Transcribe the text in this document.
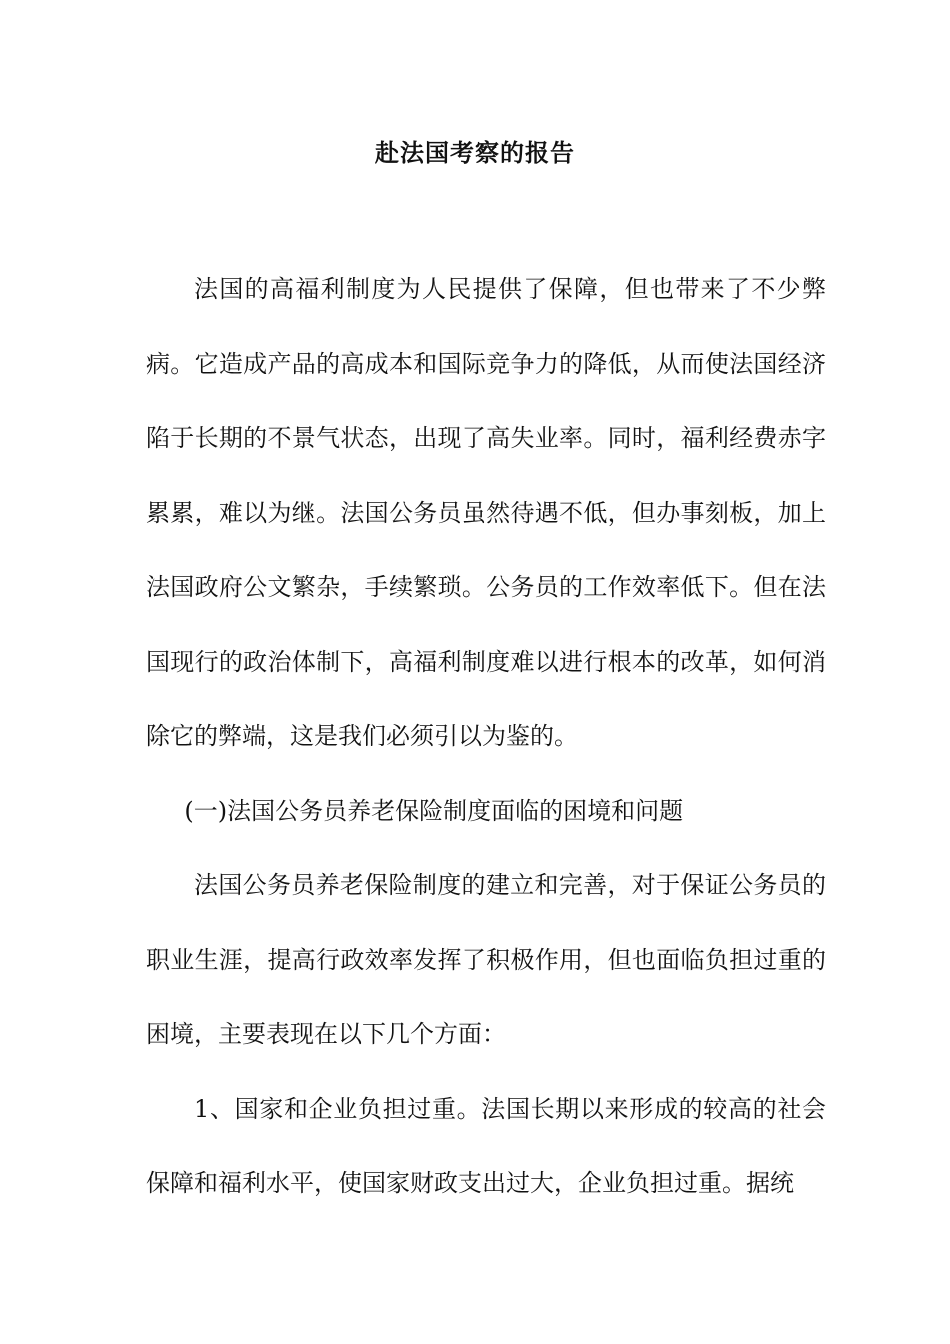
赴法国考察的报告

法国的高福利制度为人民提供了保障，但也带来了不少弊病。它造成产品的高成本和国际竞争力的降低，从而使法国经济陷于长期的不景气状态，出现了高失业率。同时，福利经费赤字累累，难以为继。法国公务员虽然待遇不低，但办事刻板，加上法国政府公文繁杂，手续繁琐。公务员的工作效率低下。但在法国现行的政治体制下，高福利制度难以进行根本的改革，如何消除它的弊端，这是我们必须引以为鉴的。

(一)法国公务员养老保险制度面临的困境和问题

法国公务员养老保险制度的建立和完善，对于保证公务员的职业生涯，提高行政效率发挥了积极作用，但也面临负担过重的困境，主要表现在以下几个方面：

1、国家和企业负担过重。法国长期以来形成的较高的社会保障和福利水平，使国家财政支出过大，企业负担过重。据统
